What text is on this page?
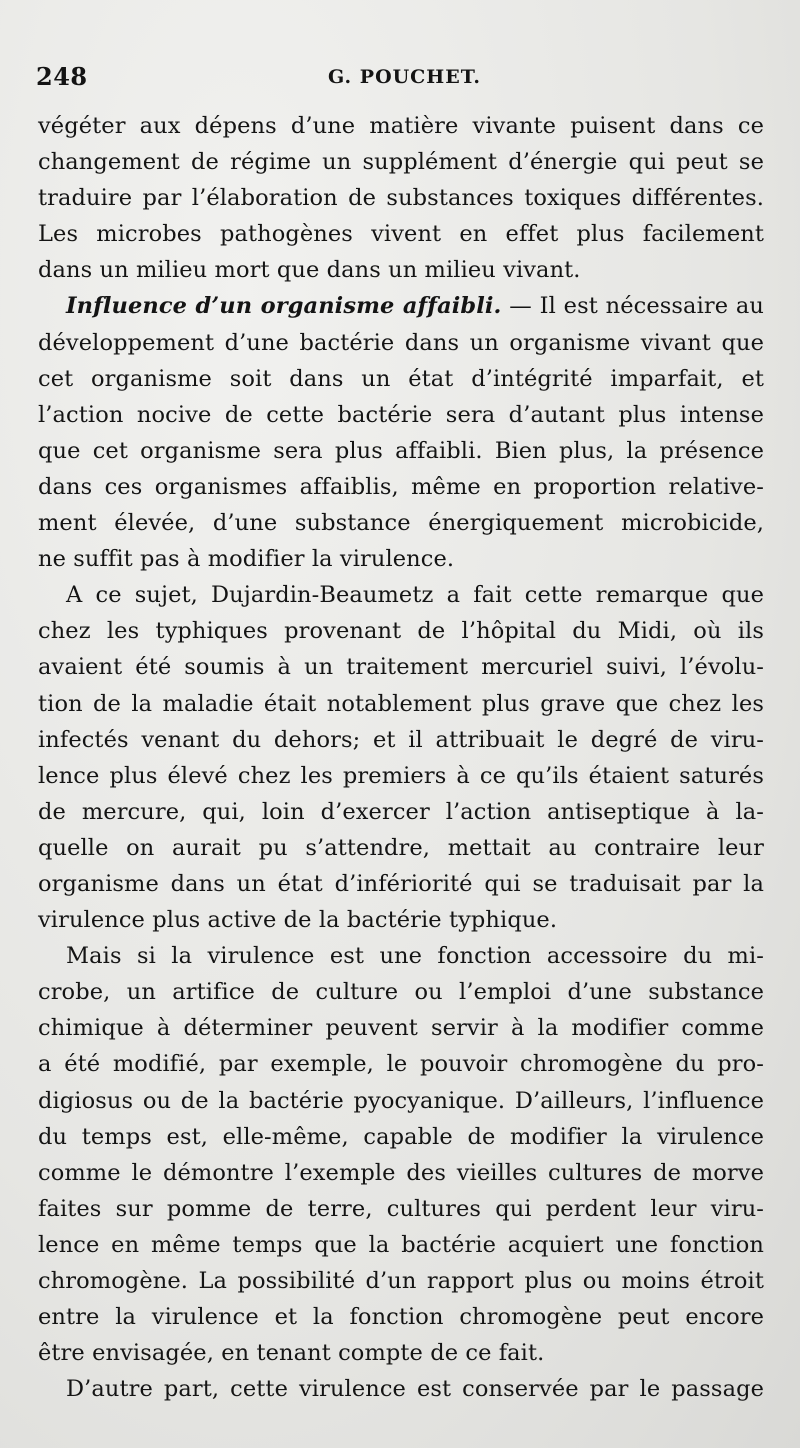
248	G. POUCHET.
végéter aux dépens d’une matière vivante puisent dans ce
changement de régime un supplément d’énergie qui peut se
traduire par l’élaboration de substances toxiques différentes.
Les microbes pathogènes vivent en effet plus facilement
dans un milieu mort que dans un milieu vivant.
Influence d’un organisme affaibli. — Il est nécessaire au
développement d’une bactérie dans un organisme vivant que
cet organisme soit dans un état d’intégrité imparfait, et
l’action nocive de cette bactérie sera d’autant plus intense
que cet organisme sera plus affaibli. Bien plus, la présence
dans ces organismes affaiblis, même en proportion relative-
ment élevée, d’une substance énergiquement microbicide,
ne suffit pas à modifier la virulence.
A ce sujet, Dujardin-Beaumetz a fait cette remarque que
chez les typhiques provenant de l’hôpital du Midi, où ils
avaient été soumis à un traitement mercuriel suivi, l’évolu-
tion de la maladie était notablement plus grave que chez les
infectés venant du dehors; et il attribuait le degré de viru-
lence plus élevé chez les premiers à ce qu’ils étaient saturés
de mercure, qui, loin d’exercer l’action antiseptique à la-
quelle on aurait pu s’attendre, mettait au contraire leur
organisme dans un état d’infériorité qui se traduisait par la
virulence plus active de la bactérie typhique.
Mais si la virulence est une fonction accessoire du mi-
crobe, un artifice de culture ou l’emploi d’une substance
chimique à déterminer peuvent servir à la modifier comme
a été modifié, par exemple, le pouvoir chromogène du pro-
digiosus ou de la bactérie pyocyanique. D’ailleurs, l’influence
du temps est, elle-même, capable de modifier la virulence
comme le démontre l’exemple des vieilles cultures de morve
faites sur pomme de terre, cultures qui perdent leur viru-
lence en même temps que la bactérie acquiert une fonction
chromogène. La possibilité d’un rapport plus ou moins étroit
entre la virulence et la fonction chromogène peut encore
être envisagée, en tenant compte de ce fait.
D’autre part, cette virulence est conservée par le passage
